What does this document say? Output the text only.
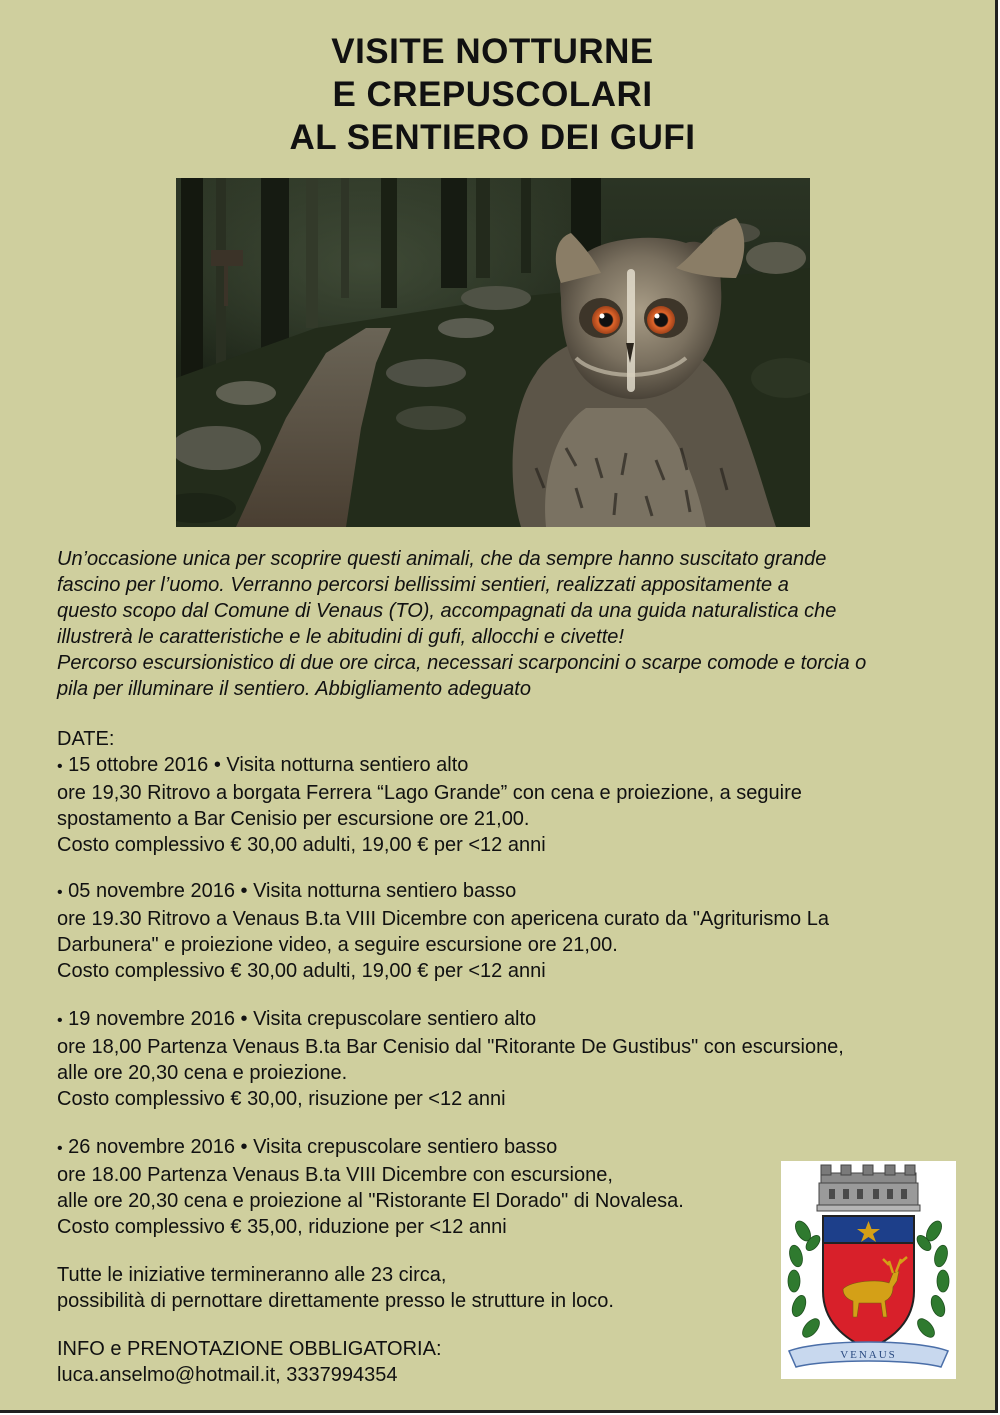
VISITE NOTTURNE
E CREPUSCOLARI
AL SENTIERO DEI GUFI
Un’occasione unica per scoprire questi animali, che da sempre hanno suscitato grande
fascino per l’uomo. Verranno percorsi bellissimi sentieri, realizzati appositamente a
questo scopo dal Comune di Venaus (TO), accompagnati da una guida naturalistica che
illustrerà le caratteristiche e le abitudini di gufi, allocchi e civette!
Percorso escursionistico di due ore circa, necessari scarponcini o scarpe comode e torcia o
pila per illuminare il sentiero. Abbigliamento adeguato
DATE:
• 15 ottobre 2016 • Visita notturna sentiero alto
ore 19,30 Ritrovo a borgata Ferrera “Lago Grande” con cena e proiezione, a seguire
spostamento a Bar Cenisio per escursione ore 21,00.
Costo complessivo € 30,00 adulti, 19,00 € per <12 anni
• 05 novembre 2016 • Visita notturna sentiero basso
ore 19.30 Ritrovo a Venaus B.ta VIII Dicembre con apericena curato da "Agriturismo La
Darbunera" e proiezione video, a seguire escursione ore 21,00.
Costo complessivo € 30,00 adulti, 19,00 € per <12 anni
• 19 novembre 2016 • Visita crepuscolare sentiero alto
ore 18,00 Partenza Venaus B.ta Bar Cenisio dal "Ritorante De Gustibus" con escursione,
alle ore 20,30 cena e proiezione.
Costo complessivo € 30,00, risuzione per <12 anni
• 26 novembre 2016 • Visita crepuscolare sentiero basso
ore 18.00 Partenza Venaus B.ta VIII Dicembre con escursione,
alle ore 20,30 cena e proiezione al "Ristorante El Dorado" di Novalesa.
Costo complessivo € 35,00, riduzione per <12 anni
Tutte le iniziative termineranno alle 23 circa,
possibilità di pernottare direttamente presso le strutture in loco.
INFO e PRENOTAZIONE OBBLIGATORIA:
luca.anselmo@hotmail.it, 3337994354
VENAUS
